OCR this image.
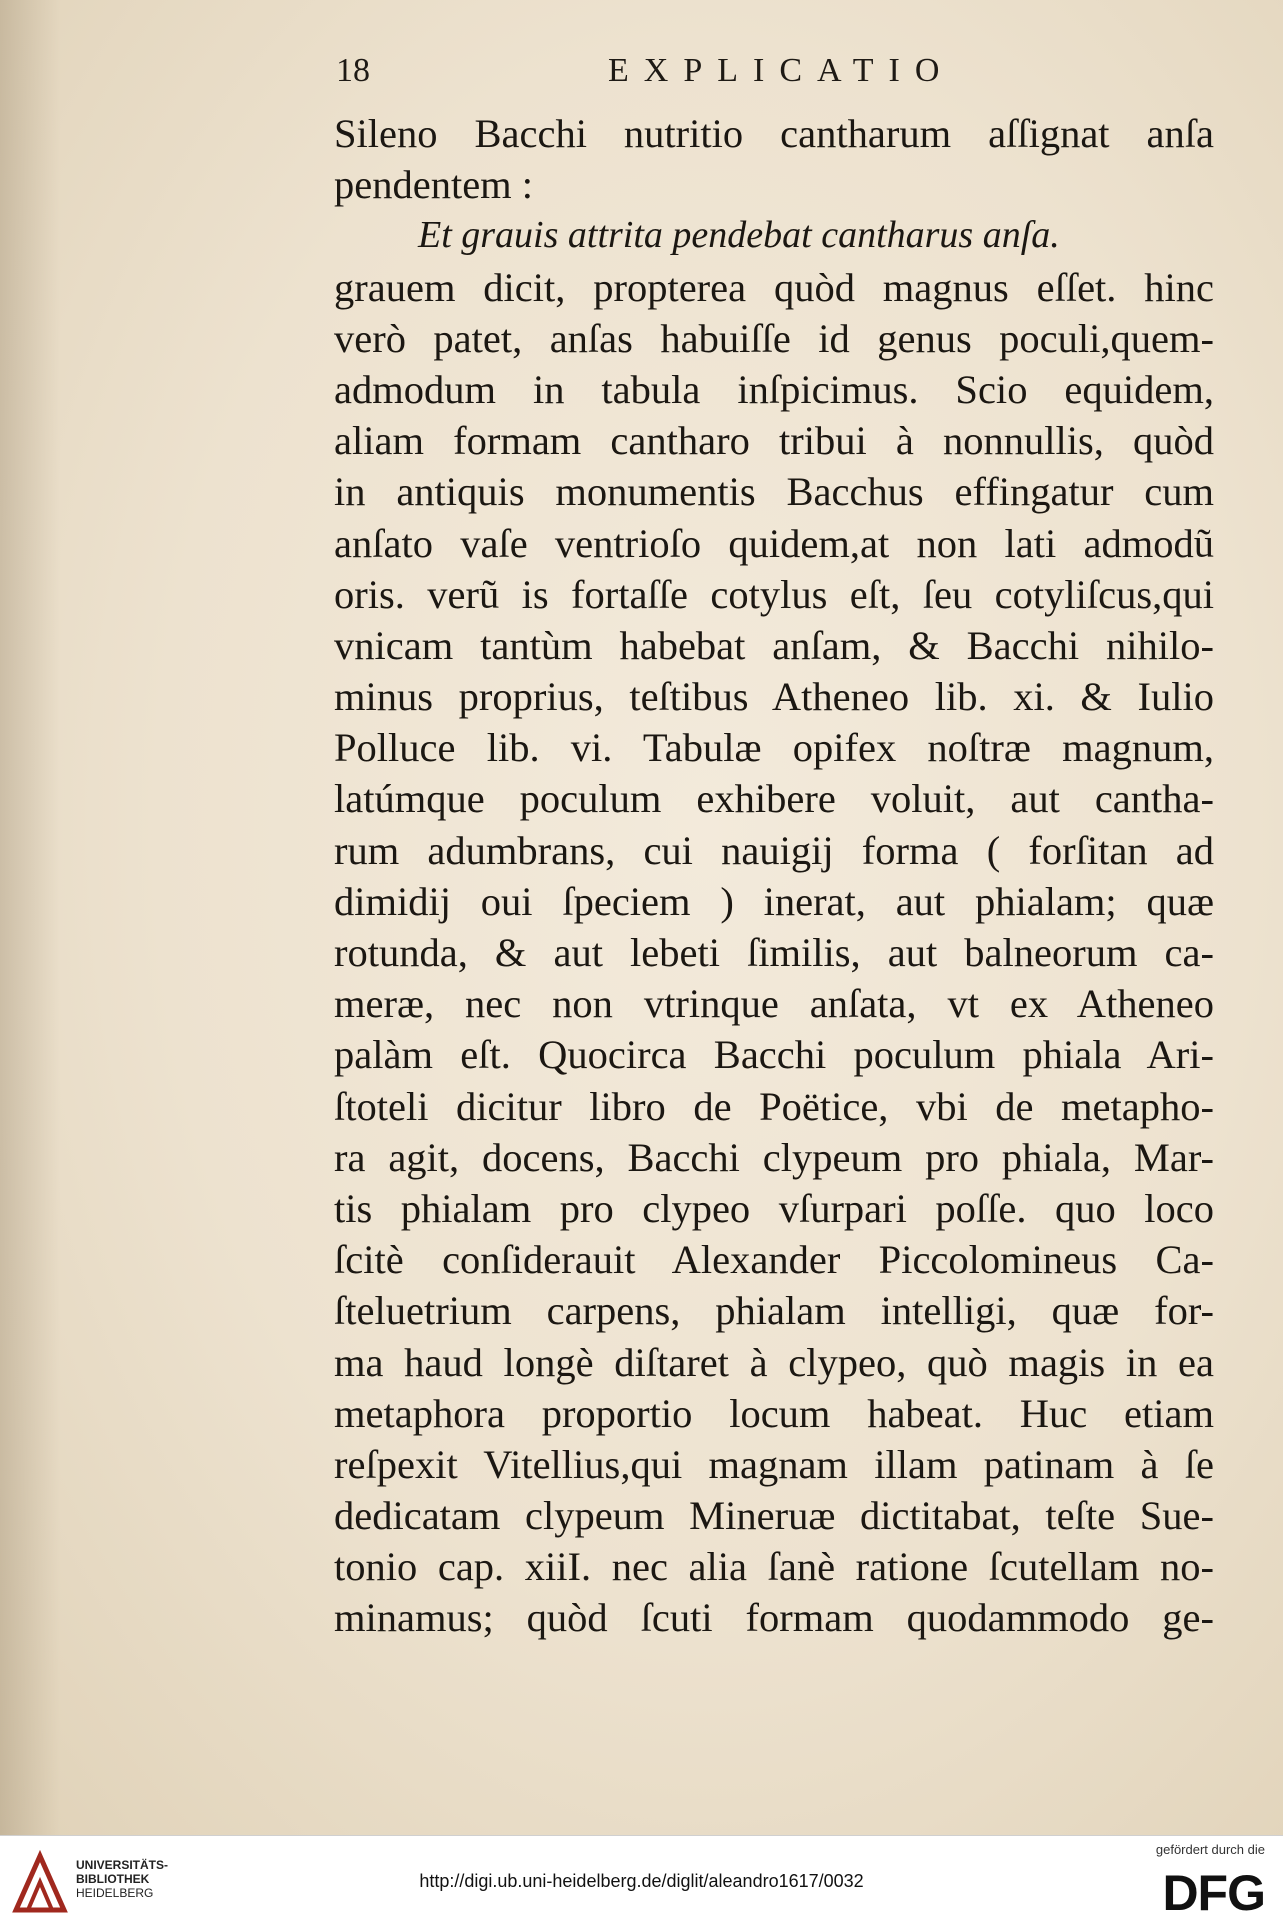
18	EXPLICATIO
Sileno Bacchi nutritio cantharum aſſignat anſa
pendentem :
Et grauis attrita pendebat cantharus anſa.
grauem dicit, propterea quòd magnus eſſet. hinc
verò patet, anſas habuiſſe id genus poculi,quem-
admodum in tabula inſpicimus. Scio equidem,
aliam formam cantharo tribui à nonnullis, quòd
in antiquis monumentis Bacchus effingatur cum
anſato vaſe ventrioſo quidem,at non lati admodũ
oris. verũ is fortaſſe cotylus eſt, ſeu cotyliſcus,qui
vnicam tantùm habebat anſam, & Bacchi nihilo-
minus proprius, teſtibus Atheneo lib. xi. & Iulio
Polluce lib. vi. Tabulæ opifex noſtræ magnum,
latúmque poculum exhibere voluit, aut cantha-
rum adumbrans, cui nauigij forma ( forſitan ad
dimidij oui ſpeciem ) inerat, aut phialam; quæ
rotunda, & aut lebeti ſimilis, aut balneorum ca-
meræ, nec non vtrinque anſata, vt ex Atheneo
palàm eſt. Quocirca Bacchi poculum phiala Ari-
ſtoteli dicitur libro de Poëtice, vbi de metapho-
ra agit, docens, Bacchi clypeum pro phiala, Mar-
tis phialam pro clypeo vſurpari poſſe. quo loco
ſcitè conſiderauit Alexander Piccolomineus Ca-
ſteluetrium carpens, phialam intelligi, quæ for-
ma haud longè diſtaret à clypeo, quò magis in ea
metaphora proportio locum habeat. Huc etiam
reſpexit Vitellius,qui magnam illam patinam à ſe
dedicatam clypeum Mineruæ dictitabat, teſte Sue-
tonio cap. xiiI. nec alia ſanè ratione ſcutellam no-
minamus; quòd ſcuti formam quodammodo ge-
UNIVERSITÄTS-
BIBLIOTHEK
HEIDELBERG
http://digi.ub.uni-heidelberg.de/diglit/aleandro1617/0032
gefördert durch die
DFG
